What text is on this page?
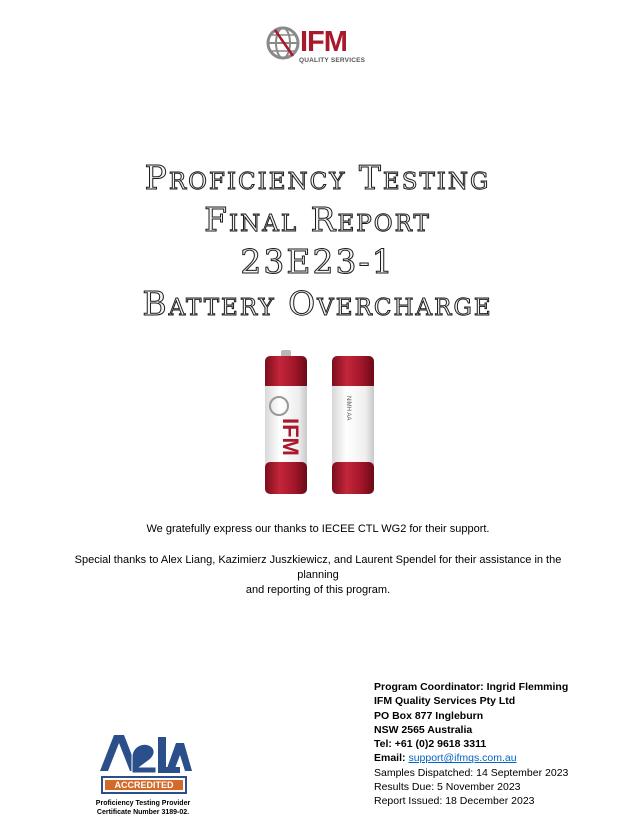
IFM
QUALITY SERVICES
Proficiency Testing
Final Report
23E23-1
Battery Overcharge
IFM
NiMH AA
We gratefully express our thanks to IECEE CTL WG2 for their support.
Special thanks to Alex Liang, Kazimierz Juszkiewicz, and Laurent Spendel for their assistance in the planning
and reporting of this program.
Program Coordinator: Ingrid Flemming
IFM Quality Services Pty Ltd
PO Box 877 Ingleburn
NSW 2565 Australia
Tel: +61 (0)2 9618 3311
Email: support@ifmqs.com.au
Samples Dispatched: 14 September 2023
Results Due: 5 November 2023
Report Issued: 18 December 2023
ACCREDITED
Proficiency Testing Provider
Certificate Number 3189-02.
